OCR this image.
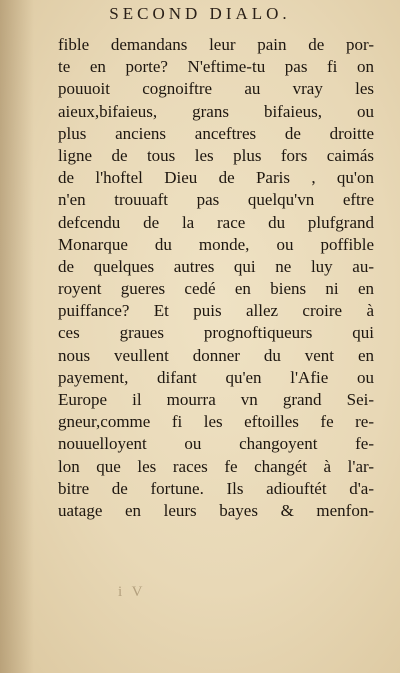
SECOND DIALO.
fible demandans leur pain de por-
te en porte? N'eftime-tu pas fi on
pouuoit cognoiftre au vray les
aieux,bifaieus, grans bifaieus, ou
plus anciens anceftres de droitte
ligne de tous les plus fors caimás
de l'hoftel Dieu de Paris , qu'on
n'en trouuaft pas quelqu'vn eftre
defcendu de la race du plufgrand
Monarque du monde, ou poffible
de quelques autres qui ne luy au-
royent gueres cedé en biens ni en
puiffance? Et puis allez croire à
ces graues prognoftiqueurs qui
nous veullent donner du vent en
payement, difant qu'en l'Afie ou
Europe il mourra vn grand Sei-
gneur,comme fi les eftoilles fe re-
nouuelloyent ou changoyent fe-
lon que les races fe changét à l'ar-
bitre de fortune. Ils adiouftét d'a-
uatage en leurs bayes & menfon-
i V
